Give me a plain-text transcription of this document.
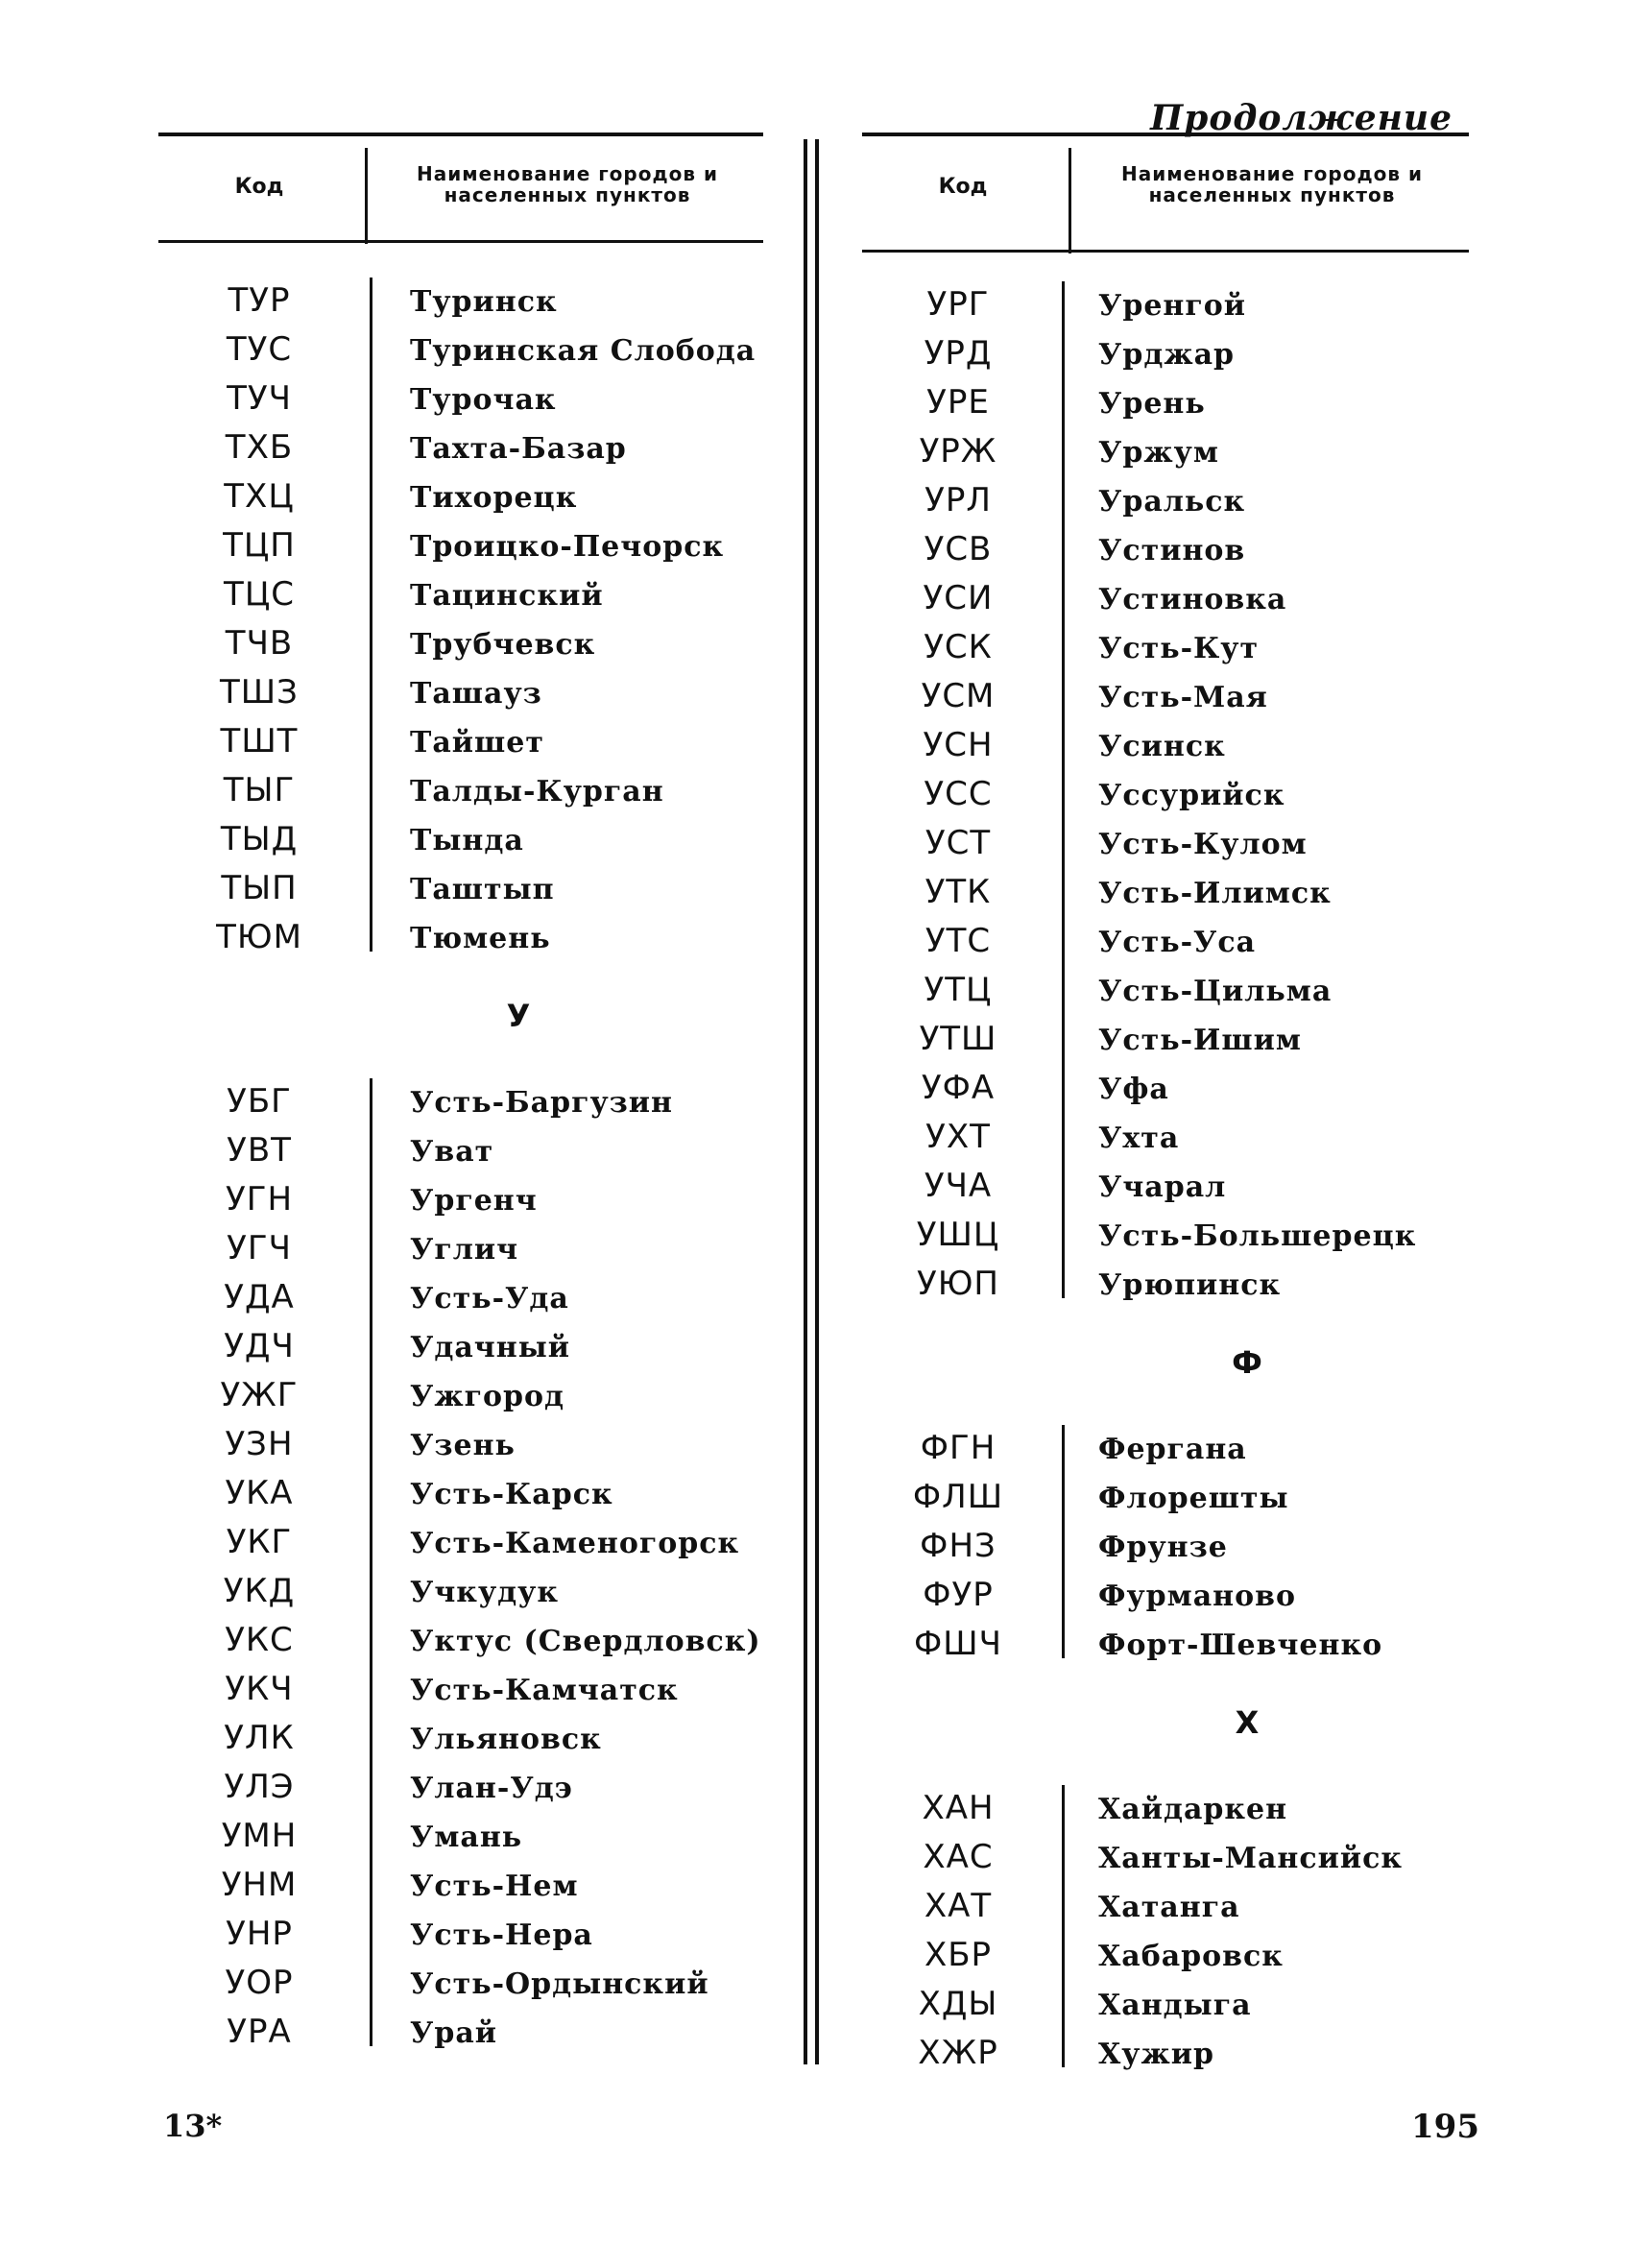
Продолжение
Код
Наименование городов и
населенных пунктов
ТУР	Туринск
ТУС	Туринская Слобода
ТУЧ	Турочак
ТХБ	Тахта-Базар
ТХЦ	Тихорецк
ТЦП	Троицко-Печорск
ТЦС	Тацинский
ТЧВ	Трубчевск
ТШЗ	Ташауз
ТШТ	Тайшет
ТЫГ	Талды-Курган
ТЫД	Тында
ТЫП	Таштып
ТЮМ	Тюмень
У
УБГ	Усть-Баргузин
УВТ	Уват
УГН	Ургенч
УГЧ	Углич
УДА	Усть-Уда
УДЧ	Удачный
УЖГ	Ужгород
УЗН	Узень
УКА	Усть-Карск
УКГ	Усть-Каменогорск
УКД	Учкудук
УКС	Уктус (Свердловск)
УКЧ	Усть-Камчатск
УЛК	Ульяновск
УЛЭ	Улан-Удэ
УМН	Умань
УНМ	Усть-Нем
УНР	Усть-Нера
УОР	Усть-Ордынский
УРА	Урай
Код
Наименование городов и
населенных пунктов
УРГ	Уренгой
УРД	Урджар
УРЕ	Урень
УРЖ	Уржум
УРЛ	Уральск
УСВ	Устинов
УСИ	Устиновка
УСК	Усть-Кут
УСМ	Усть-Мая
УСН	Усинск
УСС	Уссурийск
УСТ	Усть-Кулом
УТК	Усть-Илимск
УТС	Усть-Уса
УТЦ	Усть-Цильма
УТШ	Усть-Ишим
УФА	Уфа
УХТ	Ухта
УЧА	Учарал
УШЦ	Усть-Большерецк
УЮП	Урюпинск
Ф
ФГН	Фергана
ФЛШ	Флорешты
ФНЗ	Фрунзе
ФУР	Фурманово
ФШЧ	Форт-Шевченко
Х
ХАН	Хайдаркен
ХАС	Ханты-Мансийск
ХАТ	Хатанга
ХБР	Хабаровск
ХДЫ	Хандыга
ХЖР	Хужир
13*	195
